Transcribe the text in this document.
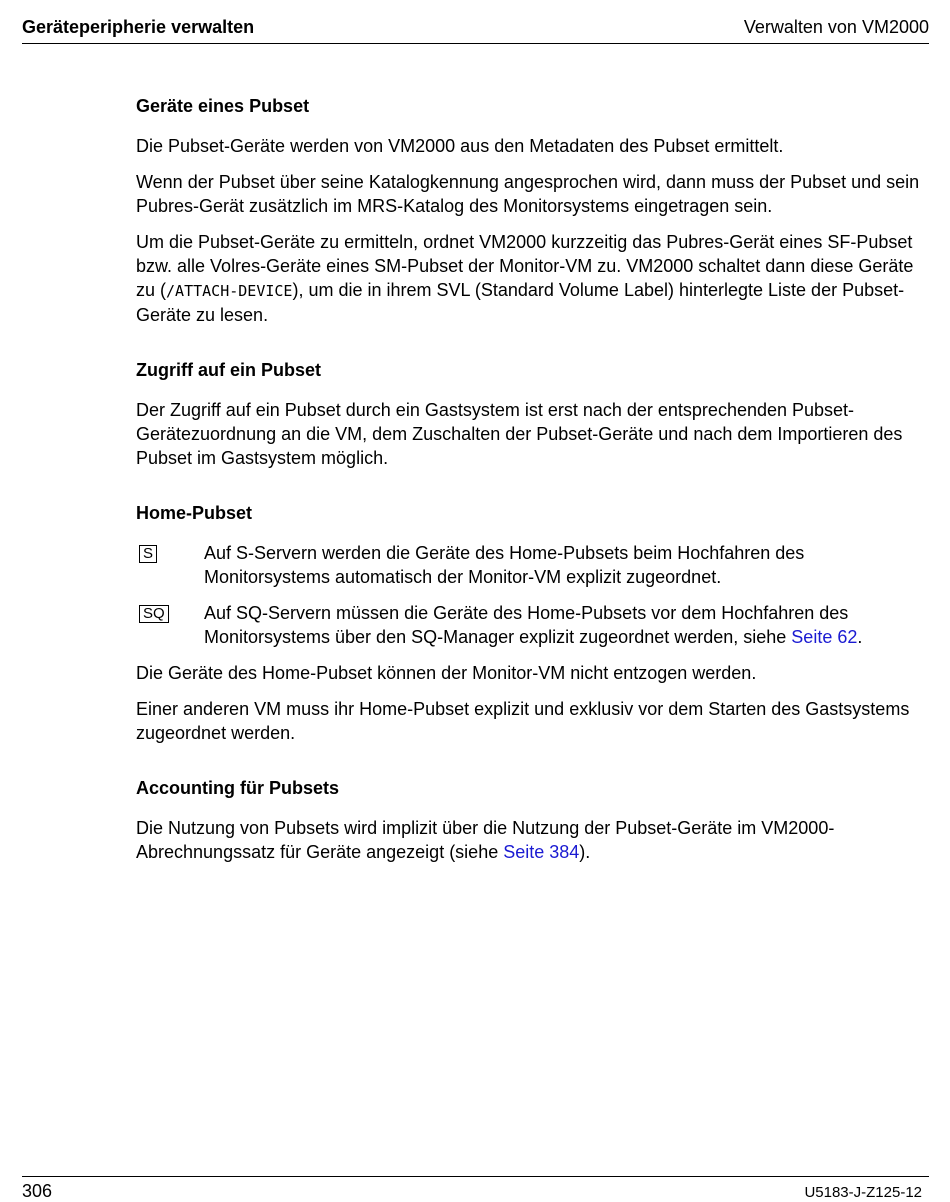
Geräteperipherie verwalten	Verwalten von VM2000
Geräte eines Pubset

Die Pubset-Geräte werden von VM2000 aus den Metadaten des Pubset ermittelt.

Wenn der Pubset über seine Katalogkennung angesprochen wird, dann muss der Pubset und sein Pubres-Gerät zusätzlich im MRS-Katalog des Monitorsystems eingetragen sein.

Um die Pubset-Geräte zu ermitteln, ordnet VM2000 kurzzeitig das Pubres-Gerät eines SF-Pubset bzw. alle Volres-Geräte eines SM-Pubset der Monitor-VM zu. VM2000 schaltet dann diese Geräte zu (/ATTACH-DEVICE), um die in ihrem SVL (Standard Volume Label) hinterlegte Liste der Pubset-Geräte zu lesen.

Zugriff auf ein Pubset

Der Zugriff auf ein Pubset durch ein Gastsystem ist erst nach der entsprechenden Pubset-Gerätezuordnung an die VM, dem Zuschalten der Pubset-Geräte und nach dem Importieren des Pubset im Gastsystem möglich.

Home-Pubset
S	Auf S-Servern werden die Geräte des Home-Pubsets beim Hochfahren des Monitorsystems automatisch der Monitor-VM explizit zugeordnet.
SQ Auf SQ-Servern müssen die Geräte des Home-Pubsets vor dem Hochfahren des Monitorsystems über den SQ-Manager explizit zugeordnet werden, siehe Seite 62.

Die Geräte des Home-Pubset können der Monitor-VM nicht entzogen werden.

Einer anderen VM muss ihr Home-Pubset explizit und exklusiv vor dem Starten des Gastsystems zugeordnet werden.

Accounting für Pubsets

Die Nutzung von Pubsets wird implizit über die Nutzung der Pubset-Geräte im VM2000-Abrechnungssatz für Geräte angezeigt (siehe Seite 384).

306	U5183-J-Z125-12
